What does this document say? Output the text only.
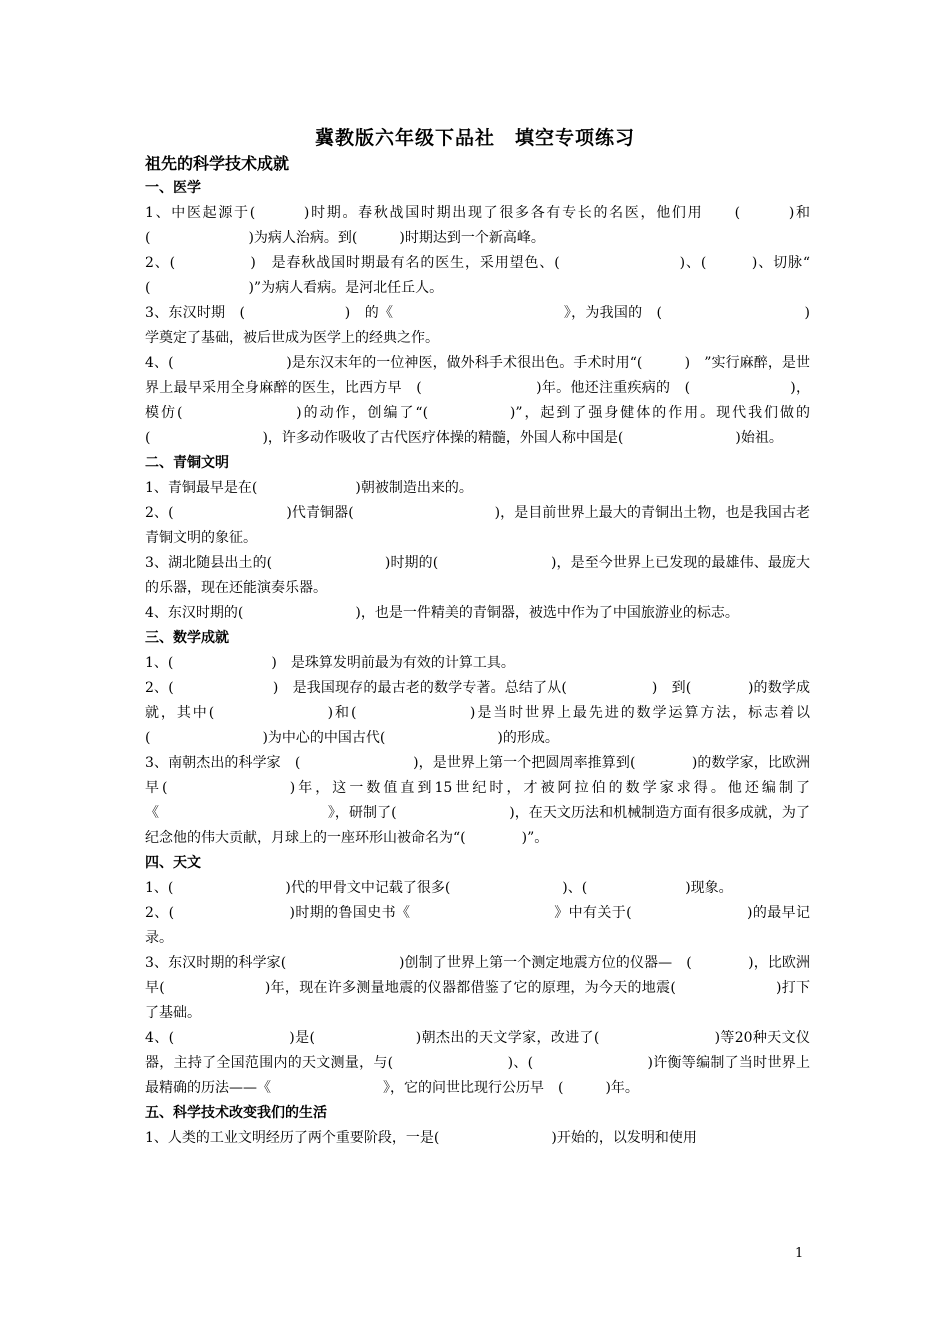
冀教版六年级下品社　填空专项练习
祖先的科学技术成就

一、医学

1、中医起源于(　　　)时期。春秋战国时期出现了很多各有专长的名医，他们用　　(　　　)和　(　　　　　　　)为病人治病。到(　　　)时期达到一个新高峰。

2、(　　　　　)　是春秋战国时期最有名的医生，采用望色、(　　　　　　　　)、(　　　)、切脉“　(　　　　　　　)”为病人看病。是河北任丘人。

3、东汉时期　(　　　　　　　)　的《　　　　　　　　　　　　》，为我国的　(　　　　　　　　　　)学奠定了基础，被后世成为医学上的经典之作。

4、(　　　　　　　　)是东汉末年的一位神医，做外科手术很出色。手术时用“(　　　)　”实行麻醉，是世界上最早采用全身麻醉的医生，比西方早　(　　　　　　　　)年。他还注重疾病的　(　　　　　　　)，模仿(　　　　　　　)的动作，创编了“(　　　　　)”，起到了强身健体的作用。现代我们做的(　　　　　　　　)，许多动作吸收了古代医疗体操的精髓，外国人称中国是(　　　　　　　　)始祖。

二、青铜文明

1、青铜最早是在(　　　　　　　)朝被制造出来的。

2、(　　　　　　　　)代青铜器(　　　　　　　　　　)，是目前世界上最大的青铜出土物，也是我国古老青铜文明的象征。

3、湖北随县出土的(　　　　　　　　)时期的(　　　　　　　　)，是至今世界上已发现的最雄伟、最庞大的乐器，现在还能演奏乐器。

4、东汉时期的(　　　　　　　　)，也是一件精美的青铜器，被选中作为了中国旅游业的标志。

三、数学成就

1、(　　　　　　　)　是珠算发明前最为有效的计算工具。

2、(　　　　　　　)　是我国现存的最古老的数学专著。总结了从(　　　　　　)　到(　　　　)的数学成就，其中(　　　　　　　)和(　　　　　　　)是当时世界上最先进的数学运算方法，标志着以(　　　　　　　　)为中心的中国古代(　　　　　　　　)的形成。

3、南朝杰出的科学家　(　　　　　　　　)，是世界上第一个把圆周率推算到(　　　　)的数学家，比欧洲早(　　　　　　　)年，这一数值直到15世纪时，才被阿拉伯的数学家求得。他还编制了《　　　　　　　　　　　　》，研制了(　　　　　　　　)，在天文历法和机械制造方面有很多成就，为了纪念他的伟大贡献，月球上的一座环形山被命名为“(　　　　)”。

四、天文

1、(　　　　　　　　)代的甲骨文中记载了很多(　　　　　　　　)、(　　　　　　　)现象。

2、(　　　　　　　　)时期的鲁国史书《　　　　　　　　　　》中有关于(　　　　　　　　)的最早记录。

3、东汉时期的科学家(　　　　　　　　)创制了世界上第一个测定地震方位的仪器—　(　　　　)，比欧洲早(　　　　　　　)年，现在许多测量地震的仪器都借鉴了它的原理，为今天的地震(　　　　　　　)打下了基础。

4、(　　　　　　　　)是(　　　　　　　)朝杰出的天文学家，改进了(　　　　　　　　)等20种天文仪器，主持了全国范围内的天文测量，与(　　　　　　　　)、(　　　　　　　　)许衡等编制了当时世界上最精确的历法——《　　　　　　　　》，它的问世比现行公历早　(　　　)年。

五、科学技术改变我们的生活

1、人类的工业文明经历了两个重要阶段，一是(　　　　　　　　)开始的，以发明和使用

1
